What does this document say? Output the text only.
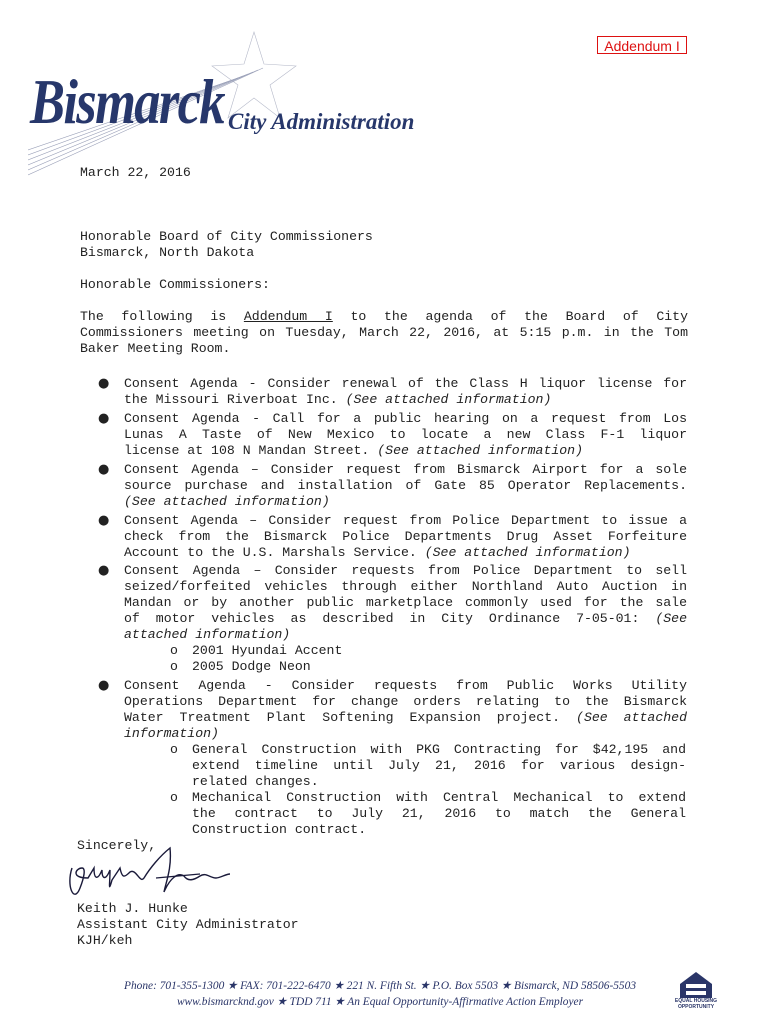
Addendum I
Bismarck City Administration
March 22, 2016
Honorable Board of City Commissioners
Bismarck, North Dakota
Honorable Commissioners:
The following is Addendum I to the agenda of the Board of City
Commissioners meeting on Tuesday, March 22, 2016, at 5:15 p.m. in the Tom
Baker Meeting Room.
● Consent Agenda - Consider renewal of the Class H liquor license for
the Missouri Riverboat Inc. (See attached information)
● Consent Agenda - Call for a public hearing on a request from Los
Lunas A Taste of New Mexico to locate a new Class F-1 liquor
license at 108 N Mandan Street. (See attached information)
● Consent Agenda – Consider request from Bismarck Airport for a sole
source purchase and installation of Gate 85 Operator Replacements.
(See attached information)
● Consent Agenda – Consider request from Police Department to issue a
check from the Bismarck Police Departments Drug Asset Forfeiture
Account to the U.S. Marshals Service. (See attached information)
● Consent Agenda – Consider requests from Police Department to sell
seized/forfeited vehicles through either Northland Auto Auction in
Mandan or by another public marketplace commonly used for the sale
of motor vehicles as described in City Ordinance 7-05-01: (See
attached information)
o 2001 Hyundai Accent
o 2005 Dodge Neon
● Consent Agenda - Consider requests from Public Works Utility
Operations Department for change orders relating to the Bismarck
Water Treatment Plant Softening Expansion project. (See attached
information)
o General Construction with PKG Contracting for $42,195 and
extend timeline until July 21, 2016 for various design-
related changes.
o Mechanical Construction with Central Mechanical to extend
the contract to July 21, 2016 to match the General
Construction contract.
Sincerely,
Keith J. Hunke
Assistant City Administrator
KJH/keh
Phone: 701-355-1300 ★ FAX: 701-222-6470 ★ 221 N. Fifth St. ★ P.O. Box 5503 ★ Bismarck, ND 58506-5503
www.bismarcknd.gov ★ TDD 711 ★ An Equal Opportunity-Affirmative Action Employer	EQUAL HOUSING OPPORTUNITY
